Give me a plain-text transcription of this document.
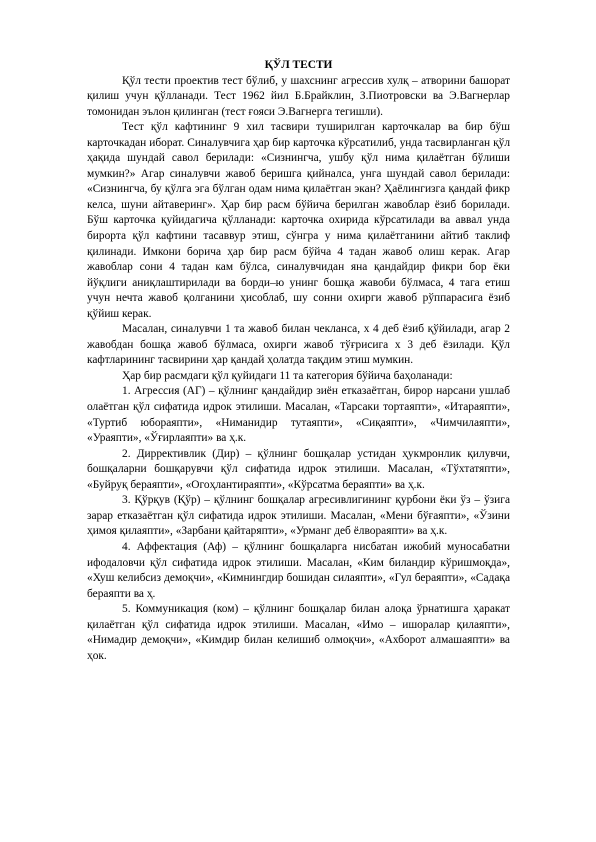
ҚЎЛ ТЕСТИ

Қўл тести проектив тест бўлиб, у шахснинг агрессив хулқ – атворини башорат қилиш учун қўлланади. Тест 1962 йил Б.Брайклин, З.Пиотровски ва Э.Вагнерлар томонидан эълон қилинган (тест ғояси Э.Вагнерга тегишли).

Тест қўл кафтининг 9 хил тасвири туширилган карточкалар ва бир бўш карточкадан иборат. Синалувчига ҳар бир карточка кўрсатилиб, унда тасвирланган қўл ҳақида шундай савол берилади: «Сизнингча, ушбу қўл нима қилаётган бўлиши мумкин?» Агар синалувчи жавоб беришга қийналса, унга шундай савол берилади: «Сизнингча, бу қўлга эга бўлган одам нима қилаётган экан? Ҳаёлингизга қандай фикр келса, шуни айтаверинг». Ҳар бир расм бўйича берилган жавоблар ёзиб борилади. Бўш карточка қуйидагича қўлланади: карточка охирида кўрсатилади ва аввал унда бирорта қўл кафтини тасаввур этиш, сўнгра у нима қилаётганини айтиб таклиф қилинади. Имкони борича ҳар бир расм бўйча 4 тадан жавоб олиш керак. Агар жавоблар сони 4 тадан кам бўлса, синалувчидан яна қандайдир фикри бор ёки йўқлиги аниқлаштирилади ва борди–ю унинг бошқа жавоби бўлмаса, 4 тага етиш учун нечта жавоб қолганини ҳисоблаб, шу сонни охирги жавоб рўппарасига ёзиб қўйиш керак.

Масалан, синалувчи 1 та жавоб билан чекланса, х 4 деб ёзиб қўйилади, агар 2 жавобдан бошқа жавоб бўлмаса, охирги жавоб тўғрисига х 3 деб ёзилади. Қўл кафтларининг тасвирини ҳар қандай ҳолатда тақдим этиш мумкин.

Ҳар бир расмдаги қўл қуйидаги 11 та категория бўйича баҳоланади:

1. Агрессия (АГ) – қўлнинг қандайдир зиён етказаётган, бирор нарсани ушлаб олаётган қўл сифатида идрок этилиши. Масалан, «Тарсаки тортаяпти», «Итараяпти», «Туртиб юбораяпти», «Ниманидир тутаяпти», «Сиқаяпти», «Чимчилаяпти», «Ураяпти», «Ўғирлаяпти» ва ҳ.к.

2. Диррективлик (Дир) – қўлнинг бошқалар устидан ҳукмронлик қилувчи, бошқаларни бошқарувчи қўл сифатида идрок этилиши. Масалан, «Тўхтатяпти», «Буйруқ бераяпти», «Огоҳлантираяпти», «Кўрсатма бераяпти» ва ҳ.к.

3. Қўрқув (Қўр) – қўлнинг бошқалар агресивлигининг қурбони ёки ўз – ўзига зарар етказаётган қўл сифатида идрок этилиши. Масалан, «Мени бўғаяпти», «Ўзини ҳимоя қилаяпти», «Зарбани қайтаряпти», «Урманг деб ёлвораяпти» ва ҳ.к.

4. Аффектация (Аф) – қўлнинг бошқаларга нисбатан ижобий муносабатни ифодаловчи қўл сифатида идрок этилиши. Масалан, «Ким биландир кўришмоқда», «Хуш келибсиз демоқчи», «Кимнингдир бошидан силаяпти», «Гул бераяпти», «Садақа бераяпти ва ҳ.

5. Коммуникация (ком) – қўлнинг бошқалар билан алоқа ўрнатишга ҳаракат қилаётган қўл сифатида идрок этилиши. Масалан, «Имо – ишоралар қилаяпти», «Нимадир демоқчи», «Кимдир билан келишиб олмоқчи», «Ахборот алмашаяпти» ва ҳок.
